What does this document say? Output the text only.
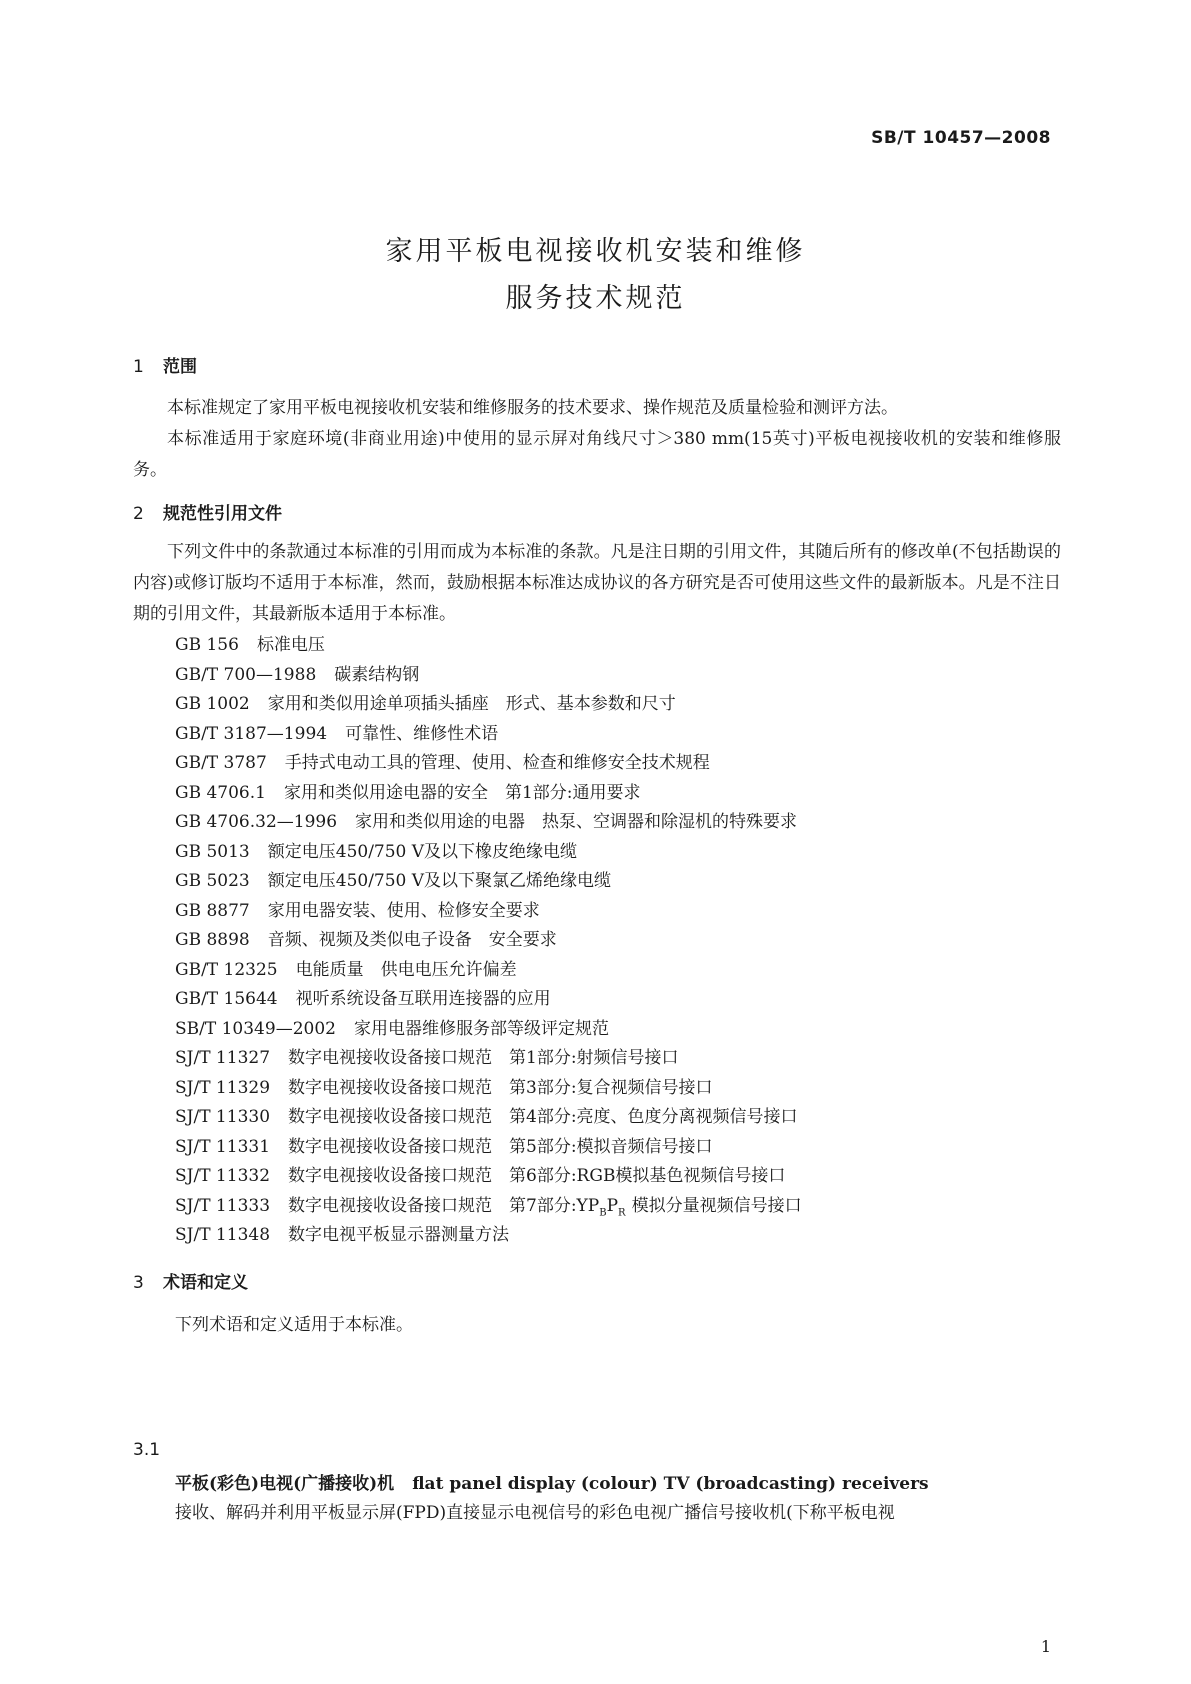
SB/T 10457—2008
家用平板电视接收机安装和维修
服务技术规范
1 范围

本标准规定了家用平板电视接收机安装和维修服务的技术要求、操作规范及质量检验和测评方法。

本标准适用于家庭环境(非商业用途)中使用的显示屏对角线尺寸＞380 mm(15英寸)平板电视接收机的安装和维修服务。

2 规范性引用文件

下列文件中的条款通过本标准的引用而成为本标准的条款。凡是注日期的引用文件，其随后所有的修改单(不包括勘误的内容)或修订版均不适用于本标准，然而，鼓励根据本标准达成协议的各方研究是否可使用这些文件的最新版本。凡是不注日期的引用文件，其最新版本适用于本标准。

GB 156 标准电压
GB/T 700—1988 碳素结构钢
GB 1002 家用和类似用途单项插头插座　形式、基本参数和尺寸
GB/T 3187—1994 可靠性、维修性术语
GB/T 3787 手持式电动工具的管理、使用、检查和维修安全技术规程
GB 4706.1 家用和类似用途电器的安全　第1部分:通用要求
GB 4706.32—1996 家用和类似用途的电器　热泵、空调器和除湿机的特殊要求
GB 5013 额定电压450/750 V及以下橡皮绝缘电缆
GB 5023 额定电压450/750 V及以下聚氯乙烯绝缘电缆
GB 8877 家用电器安装、使用、检修安全要求
GB 8898 音频、视频及类似电子设备　安全要求
GB/T 12325 电能质量　供电电压允许偏差
GB/T 15644 视听系统设备互联用连接器的应用
SB/T 10349—2002 家用电器维修服务部等级评定规范
SJ/T 11327 数字电视接收设备接口规范　第1部分:射频信号接口
SJ/T 11329 数字电视接收设备接口规范　第3部分:复合视频信号接口
SJ/T 11330 数字电视接收设备接口规范　第4部分:亮度、色度分离视频信号接口
SJ/T 11331 数字电视接收设备接口规范　第5部分:模拟音频信号接口
SJ/T 11332 数字电视接收设备接口规范　第6部分:RGB模拟基色视频信号接口
SJ/T 11333 数字电视接收设备接口规范　第7部分$:YP_BP_R$ 模拟分量视频信号接口
SJ/T 11348 数字电视平板显示器测量方法
3 术语和定义
下列术语和定义适用于本标准。
3.1
平板(彩色)电视(广播接收)机 flat panel display (colour) TV (broadcasting) receivers
接收、解码并利用平板显示屏(FPD)直接显示电视信号的彩色电视广播信号接收机(下称平板电视
1
